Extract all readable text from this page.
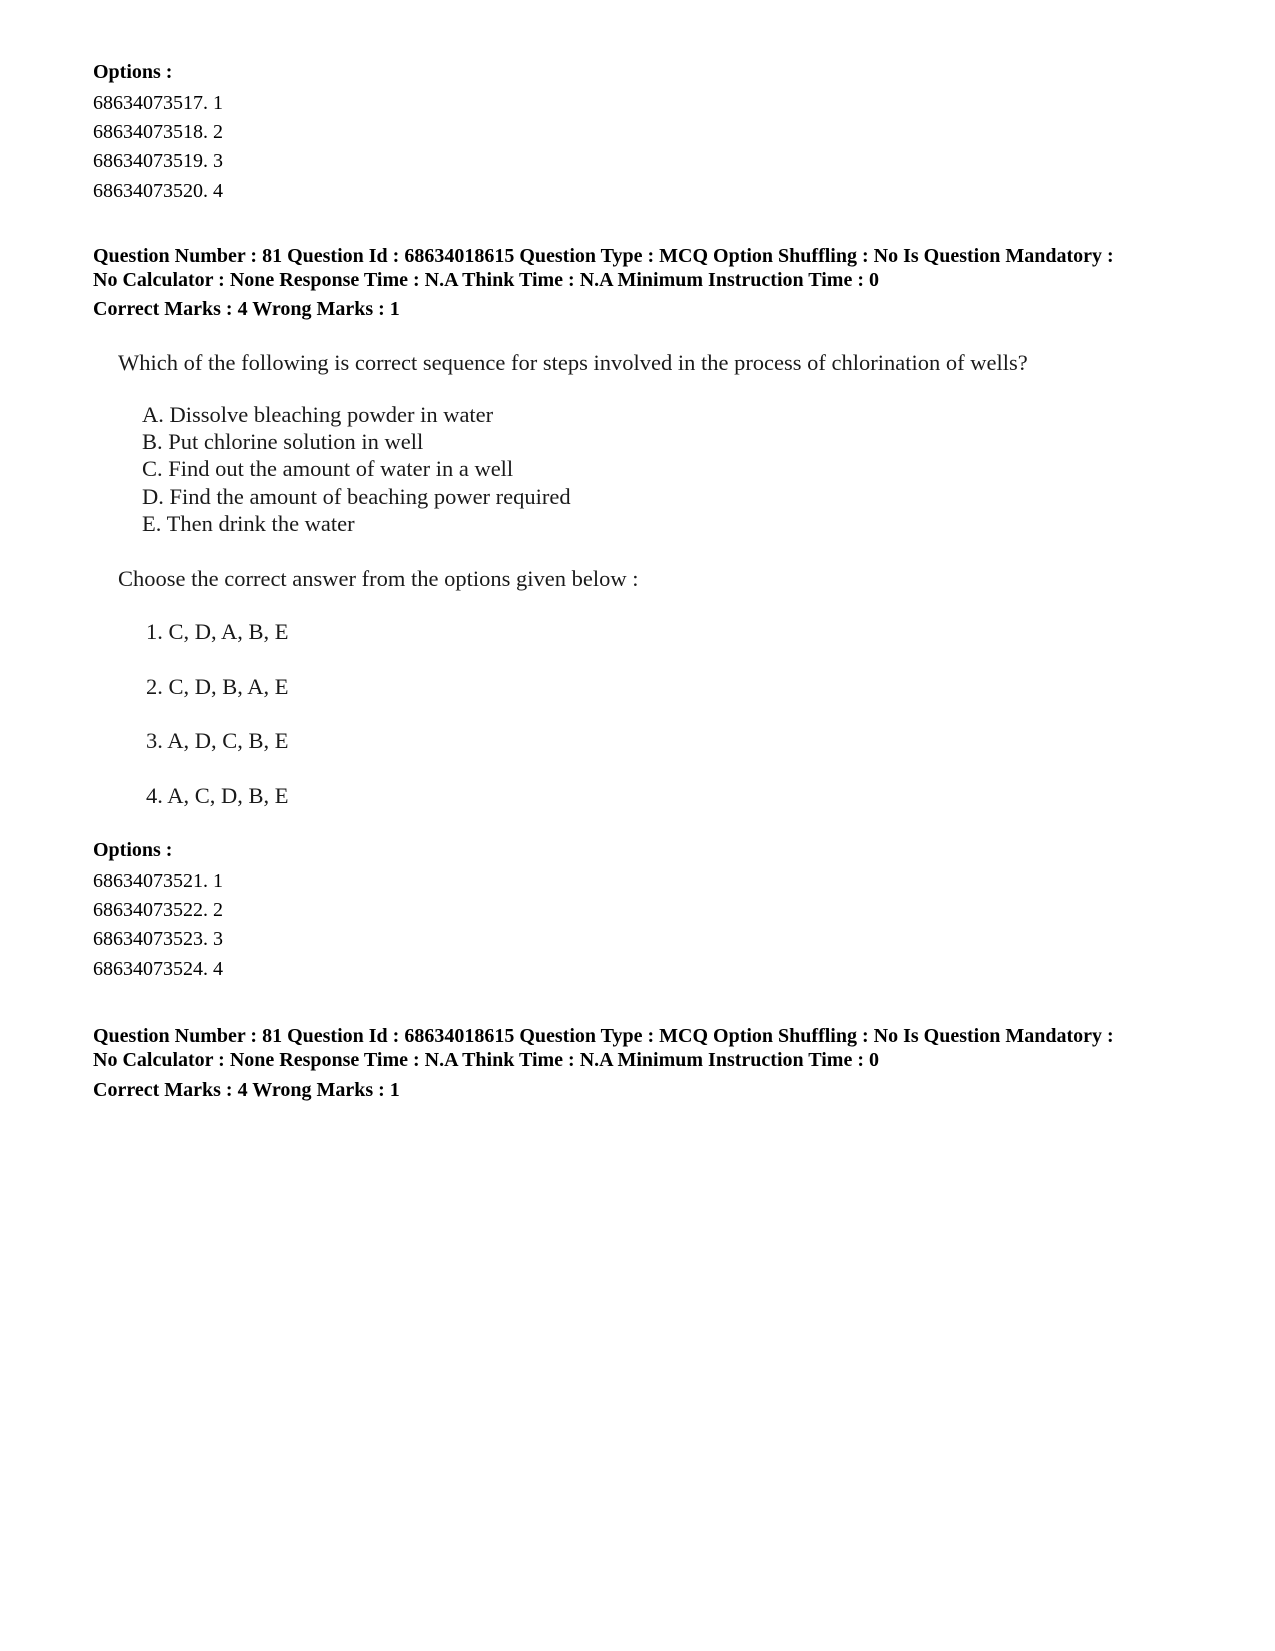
Options :
68634073517. 1
68634073518. 2
68634073519. 3
68634073520. 4
Question Number : 81 Question Id : 68634018615 Question Type : MCQ Option Shuffling : No Is Question Mandatory :
No Calculator : None Response Time : N.A Think Time : N.A Minimum Instruction Time : 0
Correct Marks : 4 Wrong Marks : 1
Which of the following is correct sequence for steps involved in the process of chlorination of wells?
A. Dissolve bleaching powder in water
B. Put chlorine solution in well
C. Find out the amount of water in a well
D. Find the amount of beaching power required
E. Then drink the water
Choose the correct answer from the options given below :
1. C, D, A, B, E
2. C, D, B, A, E
3. A, D, C, B, E
4. A, C, D, B, E
Options :
68634073521. 1
68634073522. 2
68634073523. 3
68634073524. 4
Question Number : 81 Question Id : 68634018615 Question Type : MCQ Option Shuffling : No Is Question Mandatory :
No Calculator : None Response Time : N.A Think Time : N.A Minimum Instruction Time : 0
Correct Marks : 4 Wrong Marks : 1
